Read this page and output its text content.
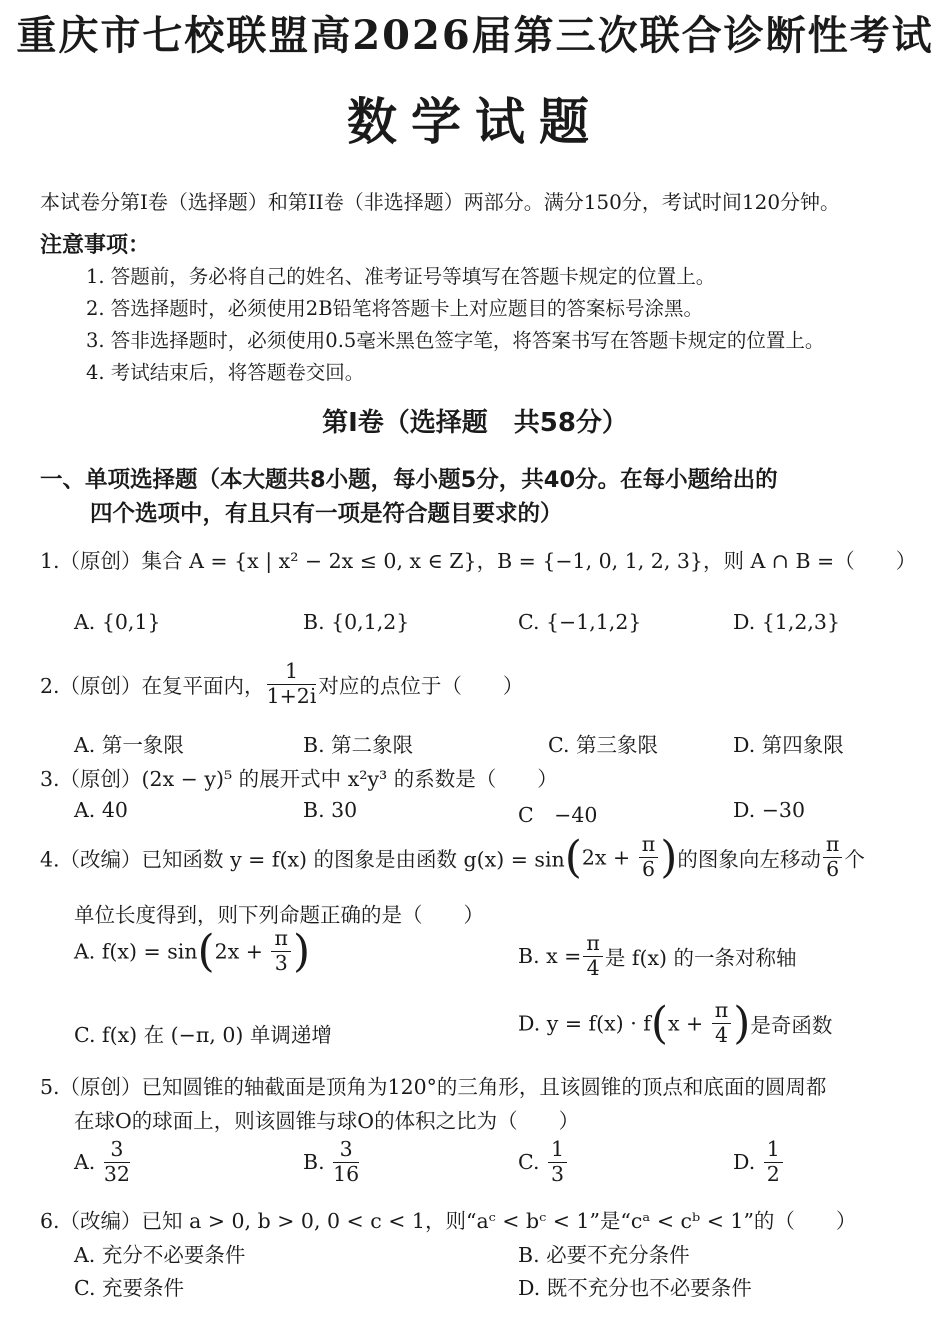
重庆市七校联盟高2026届第三次联合诊断性考试
数学试题
本试卷分第I卷（选择题）和第II卷（非选择题）两部分。满分150分，考试时间120分钟。
注意事项：
1. 答题前，务必将自己的姓名、准考证号等填写在答题卡规定的位置上。
2. 答选择题时，必须使用2B铅笔将答题卡上对应题目的答案标号涂黑。
3. 答非选择题时，必须使用0.5毫米黑色签字笔，将答案书写在答题卡规定的位置上。
4. 考试结束后，将答题卷交回。
第I卷（选择题　共58分）
一、单项选择题（本大题共8小题，每小题5分，共40分。在每小题给出的
四个选项中，有且只有一项是符合题目要求的）
1.（原创）集合 A = {x | x² − 2x ≤ 0, x ∈ Z}，B = {−1, 0, 1, 2, 3}，则 A ∩ B =（　　）
A. {0,1}	B. {0,1,2}	C. {−1,1,2}	D. {1,2,3}
2.（原创）在复平面内， $\frac{1}{1+2i}$ 对应的点位于（　　）
A. 第一象限	B. 第二象限	C. 第三象限	D. 第四象限
3.（原创）(2x − y)⁵ 的展开式中 x²y³ 的系数是（　　）
A. 40	B. 30	C　−40	D. −30
4.（改编）已知函数 y = f(x) 的图象是由函数 $g(x) = \sin(2x + \frac{\pi}{6}$ )的图象向左移动 $\frac{\pi}{6}$ 个
单位长度得到，则下列命题正确的是（　　）
A. $f(x) = \sin(2x + \frac{\pi}{3}$ )	B. $x = \frac{\pi}{4}$ 是 f(x) 的一条对称轴
C. f(x) 在 (−π, 0) 单调递增	D. $y = f(x) \cdot f(x + \frac{\pi}{4}$ )是奇函数
5.（原创）已知圆锥的轴截面是顶角为120°的三角形，且该圆锥的顶点和底面的圆周都
在球O的球面上，则该圆锥与球O的体积之比为（　　）
A. $\frac{3}{32}$	B. $\frac{3}{16}$	C. $\frac{1}{3}$	D. $\frac{1}{2}$
6.（改编）已知 a > 0, b > 0, 0 < c < 1，则“aᶜ < bᶜ < 1”是“cᵃ < cᵇ < 1”的（　　）
A. 充分不必要条件	B. 必要不充分条件
C. 充要条件	D. 既不充分也不必要条件
